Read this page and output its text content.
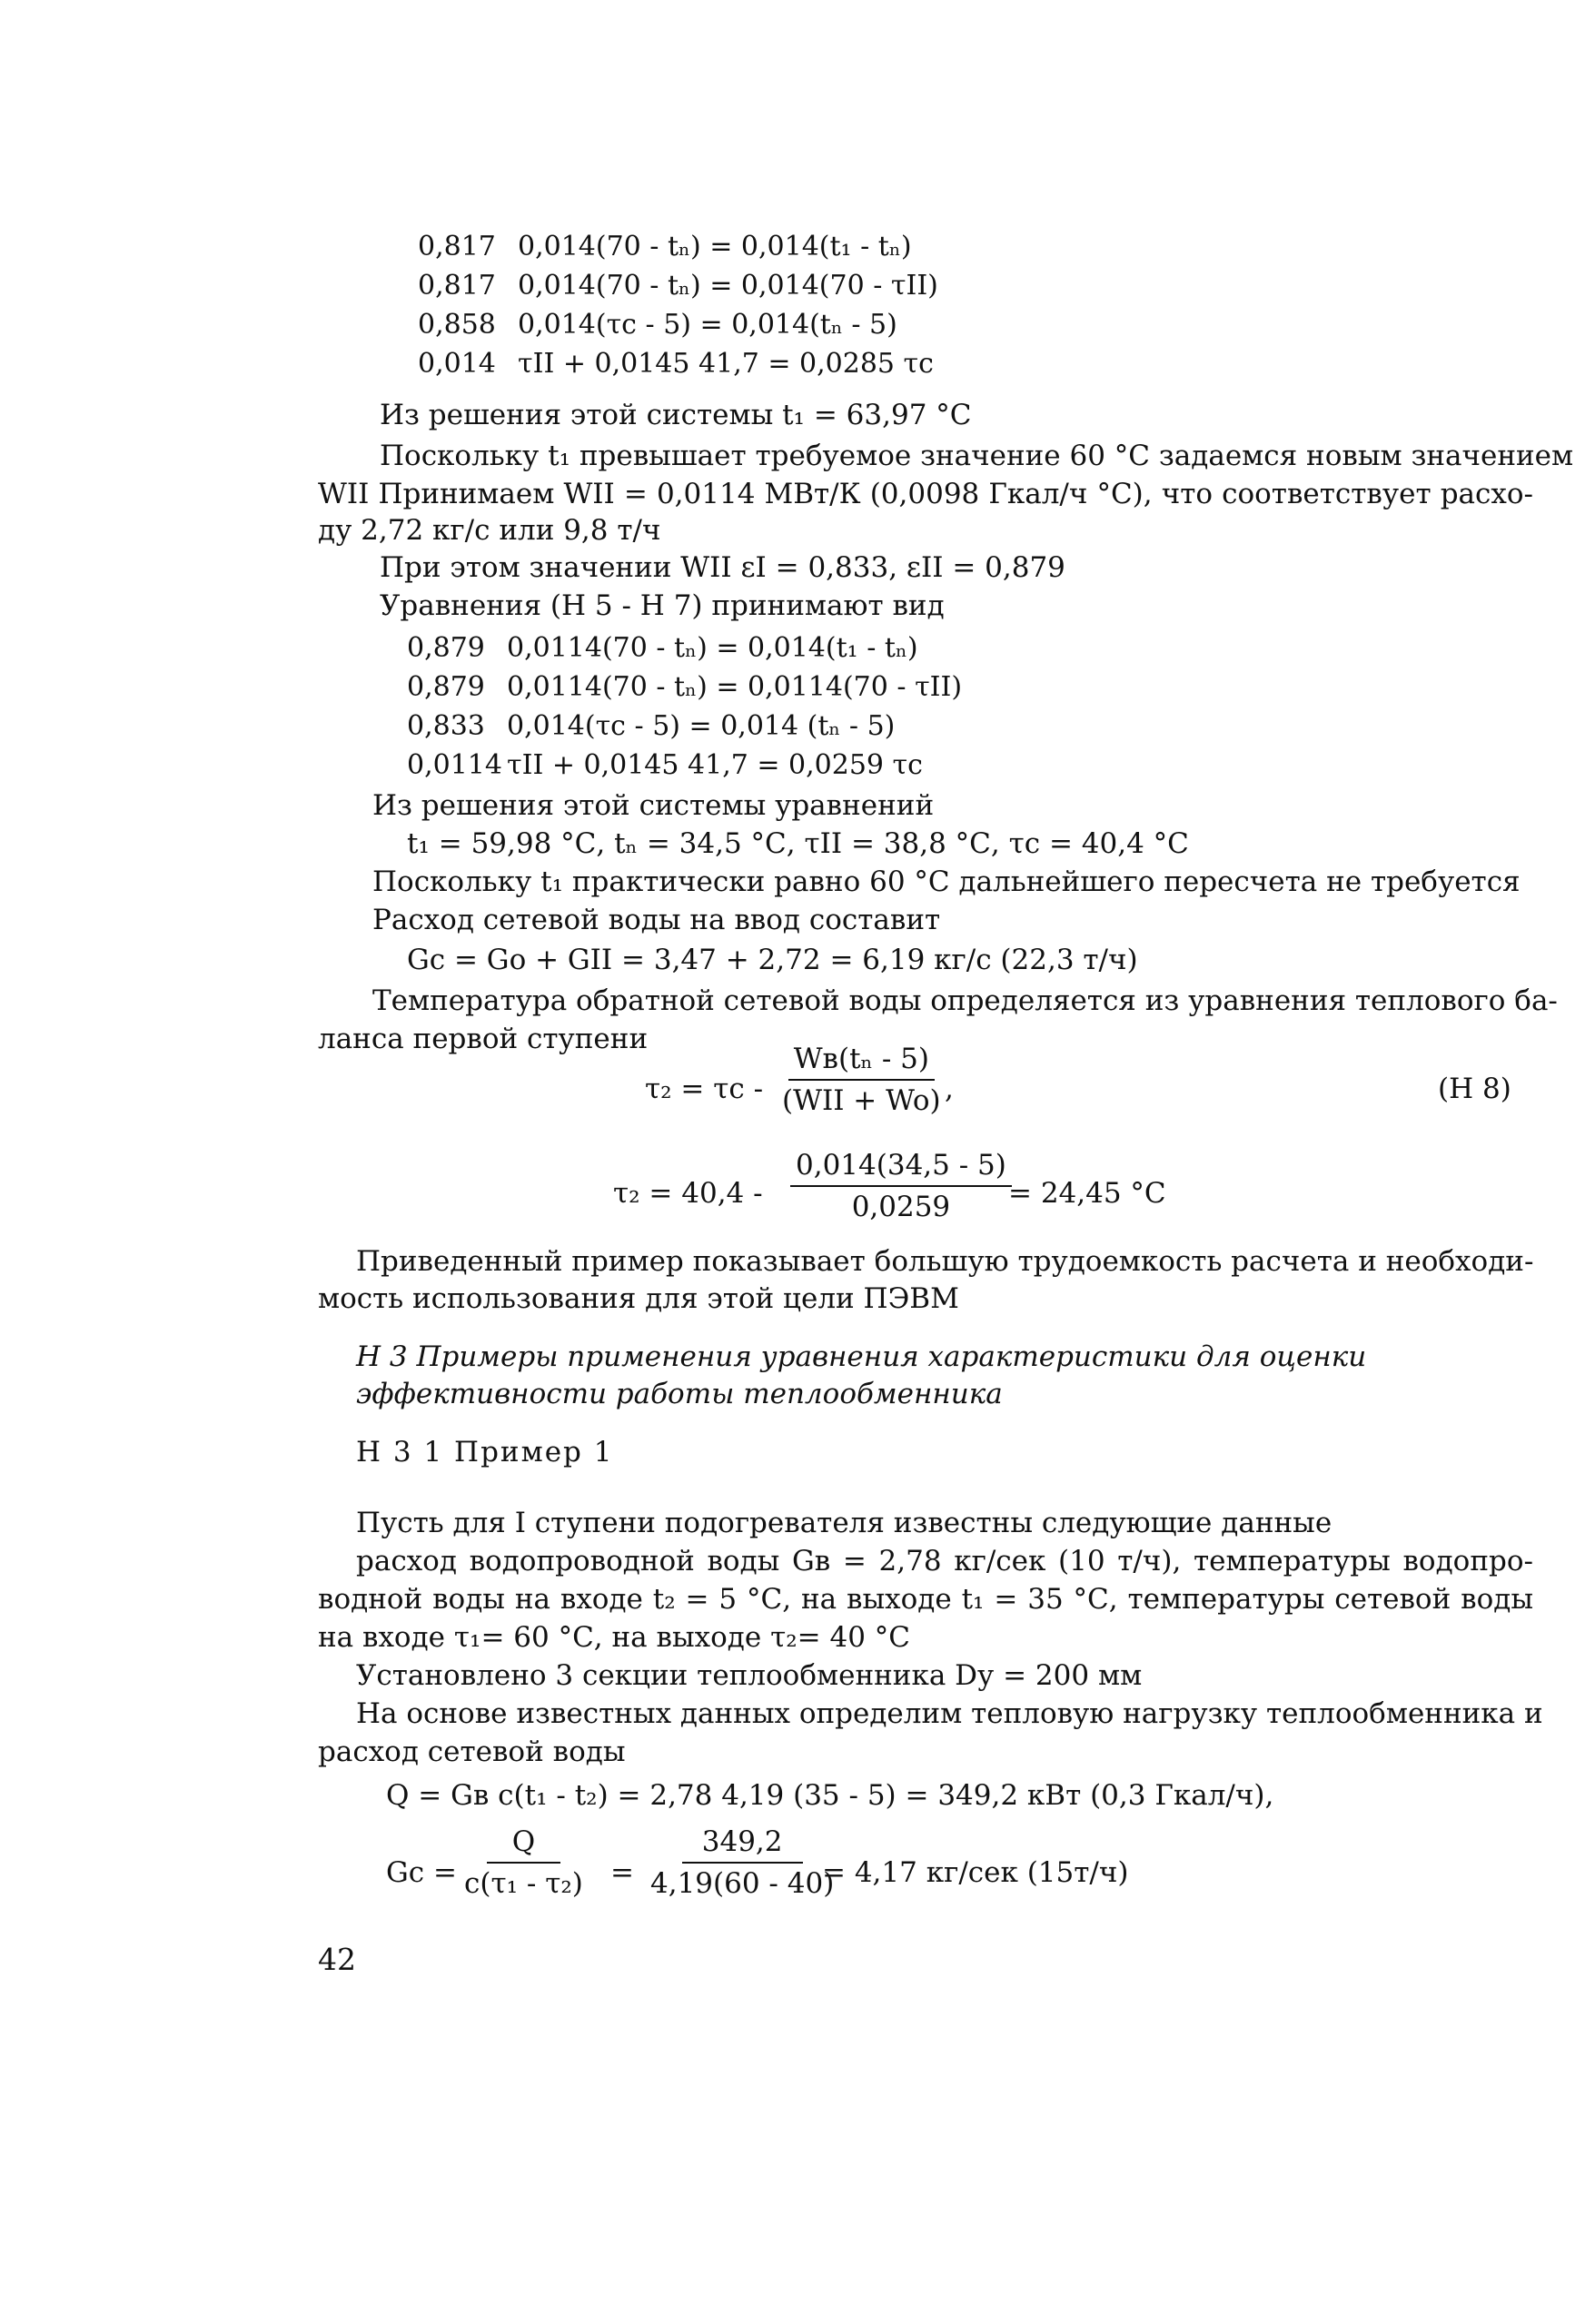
0,817 0,014(70 - tₙ) = 0,014(t₁ - tₙ)
0,817 0,014(70 - tₙ) = 0,014(70 - τII)
0,858 0,014(τc - 5) = 0,014(tₙ - 5)
0,014 τII + 0,0145 41,7 = 0,0285 τc
Из решения этой системы t₁ = 63,97 °С
Поскольку t₁ превышает требуемое значение 60 °С задаемся новым значением
WII Принимаем WII = 0,0114 МВт/К (0,0098 Гкал/ч °С), что соответствует расхо-
ду 2,72 кг/с или 9,8 т/ч
При этом значении WII εI = 0,833, εII = 0,879
Уравнения (Н 5 - Н 7) принимают вид
0,879 0,0114(70 - tₙ) = 0,014(t₁ - tₙ)
0,879 0,0114(70 - tₙ) = 0,0114(70 - τII)
0,833 0,014(τc - 5) = 0,014 (tₙ - 5)
0,0114 τII + 0,0145 41,7 = 0,0259 τc
Из решения этой системы уравнений
t₁ = 59,98 °С, tₙ = 34,5 °С, τII = 38,8 °С, τc = 40,4 °С
Поскольку t₁ практически равно 60 °С дальнейшего пересчета не требуется
Расход сетевой воды на ввод составит
Gc = Go + GII = 3,47 + 2,72 = 6,19 кг/с (22,3 т/ч)
Температура обратной сетевой воды определяется из уравнения теплового ба-
ланса первой ступени
τ₂ = τc -
Wв(tₙ - 5)
(WII + Wo) ,	(Н 8)
$\tau_2 = 40,4 - \frac{0,014(34,5 - 5)}{0,0259}$
= 24,45 °С
Приведенный пример показывает большую трудоемкость расчета и необходи-
мость использования для этой цели ПЭВМ
Н 3 Примеры применения уравнения характеристики для оценки
эффективности работы теплообменника
Н 3 1 Пример 1
Пусть для I ступени подогревателя известны следующие данные
расход водопроводной воды Gв = 2,78 кг/сек (10 т/ч), температуры водопро-
водной воды на входе t₂ = 5 °С, на выходе t₁ = 35 °С, температуры сетевой воды
на входе τ₁= 60 °С, на выходе τ₂= 40 °С
Установлено 3 секции теплообменника Dу = 200 мм
На основе известных данных определим тепловую нагрузку теплообменника и
расход сетевой воды
Q = Gв c(t₁ - t₂) = 2,78 4,19 (35 - 5) = 349,2 кВт (0,3 Гкал/ч),
$Gc = \frac{Q}{\text{c(τ₁ - τ₂)}} = \frac{349,2}{4,19(60 - 40)}$
= 4,17 кг/сек (15т/ч)
42
